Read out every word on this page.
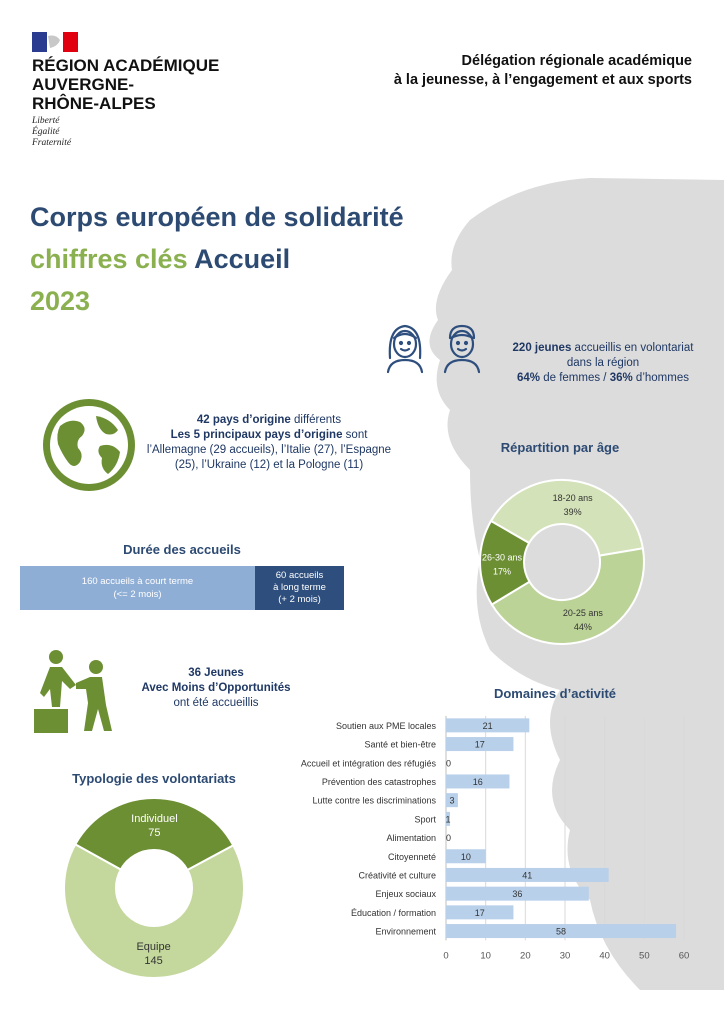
RÉGION ACADÉMIQUE
AUVERGNE-
RHÔNE-ALPES
Liberté
Égalité
Fraternité
Délégation régionale académique
à la jeunesse, à l’engagement et aux sports
Corps européen de solidarité
chiffres clés Accueil
2023
220 jeunes accueillis en volontariat
dans la région
64% de femmes / 36% d’hommes
42 pays d’origine différents
Les 5 principaux pays d’origine sont
l’Allemagne (29 accueils), l’Italie (27), l’Espagne
(25), l’Ukraine (12) et la Pologne (11)
Répartition par âge
18-20 ans
39%
20-25 ans
44%
26-30 ans
17%
Durée des accueils
160 accueils à court terme
(<= 2 mois)
60 accueils
à long terme
(+ 2 mois)
36 Jeunes
Avec Moins d’Opportunités
ont été accueillis
Typologie des volontariats
Individuel
75
Equipe
145
Domaines d’activité
0	10	20	30	40	50	60
Soutien aux PME locales	21
Santé et bien-être	17
Accueil et intégration des réfugiés 0
Prévention des catastrophes	16
Lutte contre les discriminations 3
Sport 1
Alimentation 0
Citoyenneté	10
Créativité et culture	41
Enjeux sociaux	36
Éducation / formation	17
Environnement	58
